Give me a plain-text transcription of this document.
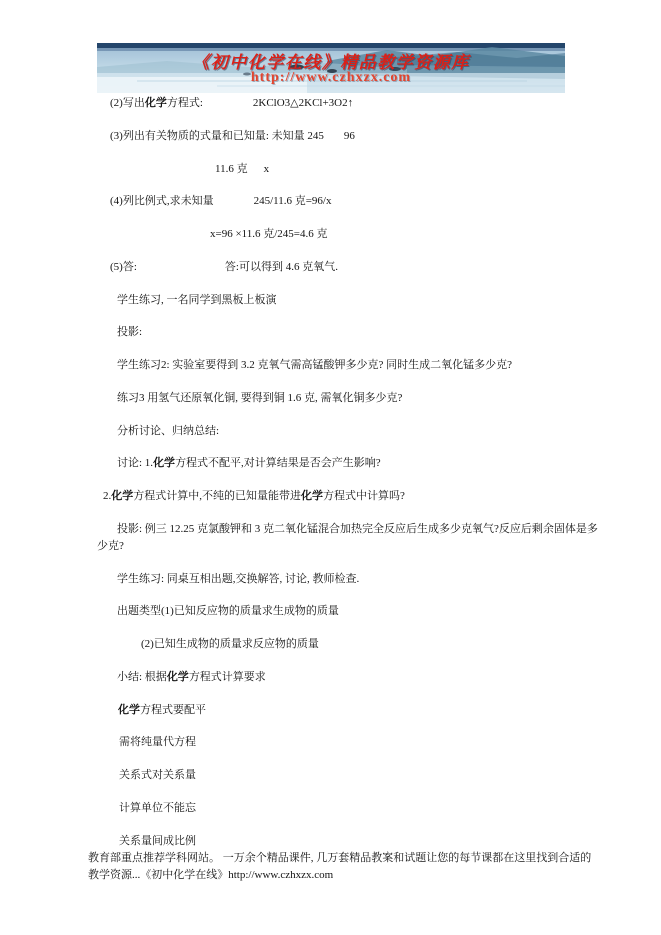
《初中化学在线》精品教学资源库
http://www.czhxzx.com
(2)写出化学方程式:	2KClO3△2KCl+3O2↑
(3)列出有关物质的式量和已知量: 未知量 245 96
11.6 克 x
(4)列比例式,求未知量	245/11.6 克=96/x
x=96 ×11.6 克/245=4.6 克
(5)答:	答:可以得到 4.6 克氧气.
学生练习, 一名同学到黑板上板演
投影:
学生练习2: 实验室要得到 3.2 克氧气需高锰酸钾多少克? 同时生成二氧化锰多少克?
练习3 用氢气还原氧化铜, 要得到铜 1.6 克, 需氧化铜多少克?
分析讨论、归纳总结:
讨论: 1.化学方程式不配平,对计算结果是否会产生影响?
2.化学方程式计算中,不纯的已知量能带进化学方程式中计算吗?
投影: 例三 12.25 克氯酸钾和 3 克二氧化锰混合加热完全反应后生成多少克氧气?反应后剩余固体是多
少克?
学生练习: 同桌互相出题,交换解答, 讨论, 教师检查.
出题类型(1)已知反应物的质量求生成物的质量
(2)已知生成物的质量求反应物的质量
小结: 根据化学方程式计算要求
化学方程式要配平
需将纯量代方程
关系式对关系量
计算单位不能忘
关系量间成比例
教育部重点推荐学科网站。 一万余个精品课件, 几万套精品教案和试题让您的每节课都在这里找到合适的
教学资源...《初中化学在线》http://www.czhxzx.com
